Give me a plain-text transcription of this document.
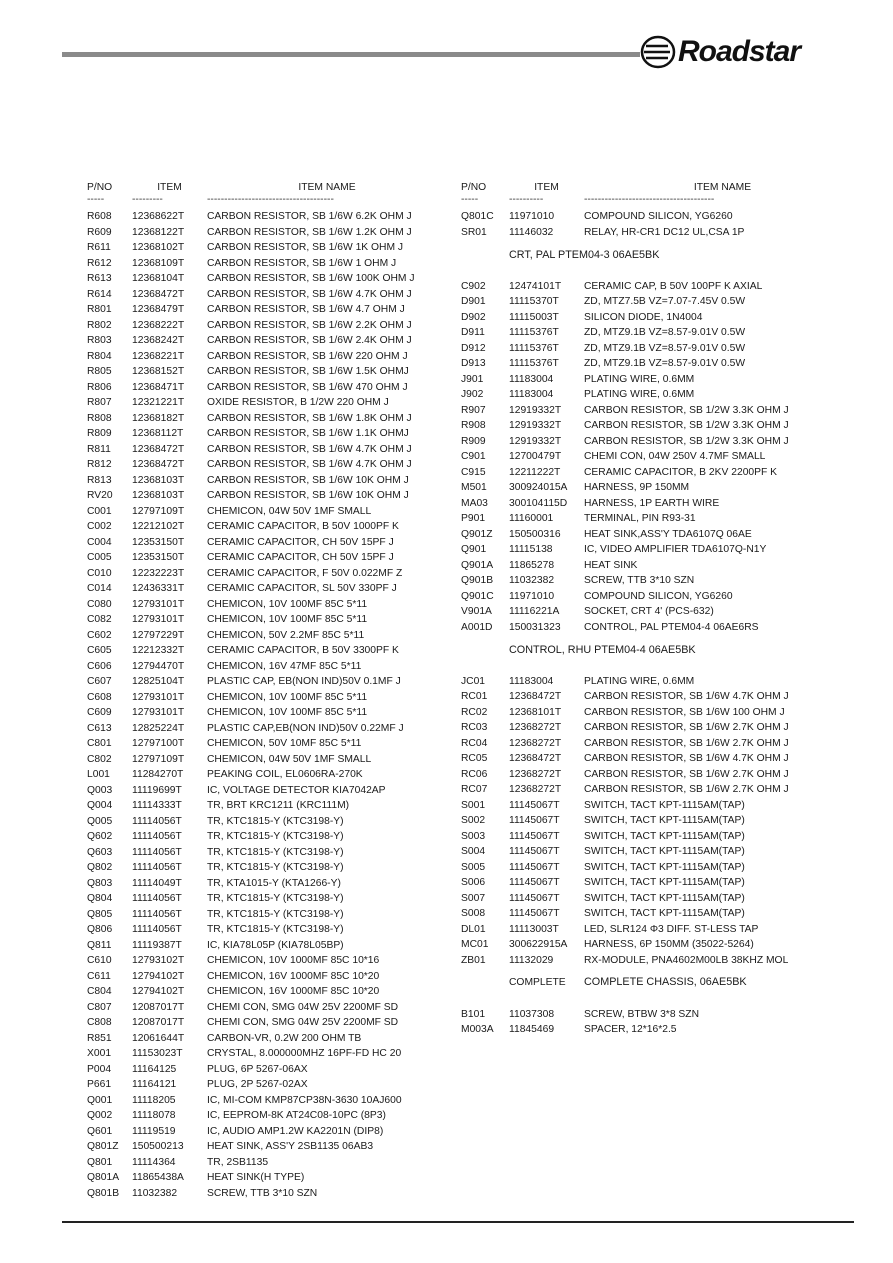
Roadstar
P/NO	ITEM	ITEM NAME
-----	---------	-------------------------------------
R608	12368622T	CARBON RESISTOR, SB 1/6W 6.2K OHM J
R609	12368122T	CARBON RESISTOR, SB 1/6W 1.2K OHM J
R611	12368102T	CARBON RESISTOR, SB 1/6W 1K OHM J
R612	12368109T	CARBON RESISTOR, SB 1/6W 1 OHM J
R613	12368104T	CARBON RESISTOR, SB 1/6W 100K OHM J
R614	12368472T	CARBON RESISTOR, SB 1/6W 4.7K OHM J
R801	12368479T	CARBON RESISTOR, SB 1/6W 4.7 OHM J
R802	12368222T	CARBON RESISTOR, SB 1/6W 2.2K OHM J
R803	12368242T	CARBON RESISTOR, SB 1/6W 2.4K OHM J
R804	12368221T	CARBON RESISTOR, SB 1/6W 220 OHM J
R805	12368152T	CARBON RESISTOR, SB 1/6W 1.5K OHMJ
R806	12368471T	CARBON RESISTOR, SB 1/6W 470 OHM J
R807	12321221T	OXIDE RESISTOR, B 1/2W 220 OHM J
R808	12368182T	CARBON RESISTOR, SB 1/6W 1.8K OHM J
R809	12368112T	CARBON RESISTOR, SB 1/6W 1.1K OHMJ
R811	12368472T	CARBON RESISTOR, SB 1/6W 4.7K OHM J
R812	12368472T	CARBON RESISTOR, SB 1/6W 4.7K OHM J
R813	12368103T	CARBON RESISTOR, SB 1/6W 10K OHM J
RV20	12368103T	CARBON RESISTOR, SB 1/6W 10K OHM J
C001	12797109T	CHEMICON, 04W 50V 1MF SMALL
C002	12212102T	CERAMIC CAPACITOR, B 50V 1000PF K
C004	12353150T	CERAMIC CAPACITOR, CH 50V 15PF J
C005	12353150T	CERAMIC CAPACITOR, CH 50V 15PF J
C010	12232223T	CERAMIC CAPACITOR, F 50V 0.022MF Z
C014	12436331T	CERAMIC CAPACITOR, SL 50V 330PF J
C080	12793101T	CHEMICON, 10V 100MF 85C 5*11
C082	12793101T	CHEMICON, 10V 100MF 85C 5*11
C602	12797229T	CHEMICON, 50V 2.2MF 85C 5*11
C605	12212332T	CERAMIC CAPACITOR, B 50V 3300PF K
C606	12794470T	CHEMICON, 16V 47MF 85C 5*11
C607	12825104T	PLASTIC CAP, EB(NON IND)50V 0.1MF J
C608	12793101T	CHEMICON, 10V 100MF 85C 5*11
C609	12793101T	CHEMICON, 10V 100MF 85C 5*11
C613	12825224T	PLASTIC CAP,EB(NON IND)50V 0.22MF J
C801	12797100T	CHEMICON, 50V 10MF 85C 5*11
C802	12797109T	CHEMICON, 04W 50V 1MF SMALL
L001	11284270T	PEAKING COIL, EL0606RA-270K
Q003	11119699T	IC, VOLTAGE DETECTOR KIA7042AP
Q004	11114333T	TR, BRT KRC1211 (KRC111M)
Q005	11114056T	TR, KTC1815-Y (KTC3198-Y)
Q602	11114056T	TR, KTC1815-Y (KTC3198-Y)
Q603	11114056T	TR, KTC1815-Y (KTC3198-Y)
Q802	11114056T	TR, KTC1815-Y (KTC3198-Y)
Q803	11114049T	TR, KTA1015-Y (KTA1266-Y)
Q804	11114056T	TR, KTC1815-Y (KTC3198-Y)
Q805	11114056T	TR, KTC1815-Y (KTC3198-Y)
Q806	11114056T	TR, KTC1815-Y (KTC3198-Y)
Q811	11119387T	IC, KIA78L05P (KIA78L05BP)
C610	12793102T	CHEMICON, 10V 1000MF 85C 10*16
C611	12794102T	CHEMICON, 16V 1000MF 85C 10*20
C804	12794102T	CHEMICON, 16V 1000MF 85C 10*20
C807	12087017T	CHEMI CON, SMG 04W 25V 2200MF SD
C808	12087017T	CHEMI CON, SMG 04W 25V 2200MF SD
R851	12061644T	CARBON-VR, 0.2W 200 OHM TB
X001	11153023T	CRYSTAL, 8.000000MHZ 16PF-FD HC 20
P004	11164125	PLUG, 6P 5267-06AX
P661	11164121	PLUG, 2P 5267-02AX
Q001	11118205	IC, MI-COM KMP87CP38N-3630 10AJ600
Q002	11118078	IC, EEPROM-8K AT24C08-10PC (8P3)
Q601	11119519	IC, AUDIO AMP1.2W KA2201N (DIP8)
Q801Z	150500213	HEAT SINK, ASS'Y 2SB1135 06AB3
Q801	11114364	TR, 2SB1135
Q801A	11865438A	HEAT SINK(H TYPE)
Q801B	11032382	SCREW, TTB 3*10 SZN
P/NO	ITEM	ITEM NAME
-----	----------	--------------------------------------
Q801C	11971010	COMPOUND SILICON, YG6260
SR01	11146032	RELAY, HR-CR1 DC12 UL,CSA 1P
CRT, PAL PTEM04-3 06AE5BK
C902	12474101T	CERAMIC CAP, B 50V 100PF K AXIAL
D901	11115370T	ZD, MTZ7.5B VZ=7.07-7.45V 0.5W
D902	11115003T	SILICON DIODE, 1N4004
D911	11115376T	ZD, MTZ9.1B VZ=8.57-9.01V 0.5W
D912	11115376T	ZD, MTZ9.1B VZ=8.57-9.01V 0.5W
D913	11115376T	ZD, MTZ9.1B VZ=8.57-9.01V 0.5W
J901	11183004	PLATING WIRE, 0.6MM
J902	11183004	PLATING WIRE, 0.6MM
R907	12919332T	CARBON RESISTOR, SB 1/2W 3.3K OHM J
R908	12919332T	CARBON RESISTOR, SB 1/2W 3.3K OHM J
R909	12919332T	CARBON RESISTOR, SB 1/2W 3.3K OHM J
C901	12700479T	CHEMI CON, 04W 250V 4.7MF SMALL
C915	12211222T	CERAMIC CAPACITOR, B 2KV 2200PF K
M501	300924015A	HARNESS, 9P 150MM
MA03	300104115D	HARNESS, 1P EARTH WIRE
P901	11160001	TERMINAL, PIN R93-31
Q901Z	150500316	HEAT SINK,ASS'Y TDA6107Q 06AE
Q901	11115138	IC, VIDEO AMPLIFIER TDA6107Q-N1Y
Q901A	11865278	HEAT SINK
Q901B	11032382	SCREW, TTB 3*10 SZN
Q901C	11971010	COMPOUND SILICON, YG6260
V901A	11116221A	SOCKET, CRT 4' (PCS-632)
A001D	150031323	CONTROL, PAL PTEM04-4 06AE6RS
CONTROL, RHU PTEM04-4 06AE5BK
JC01	11183004	PLATING WIRE, 0.6MM
RC01	12368472T	CARBON RESISTOR, SB 1/6W 4.7K OHM J
RC02	12368101T	CARBON RESISTOR, SB 1/6W 100 OHM J
RC03	12368272T	CARBON RESISTOR, SB 1/6W 2.7K OHM J
RC04	12368272T	CARBON RESISTOR, SB 1/6W 2.7K OHM J
RC05	12368472T	CARBON RESISTOR, SB 1/6W 4.7K OHM J
RC06	12368272T	CARBON RESISTOR, SB 1/6W 2.7K OHM J
RC07	12368272T	CARBON RESISTOR, SB 1/6W 2.7K OHM J
S001	11145067T	SWITCH, TACT KPT-1115AM(TAP)
S002	11145067T	SWITCH, TACT KPT-1115AM(TAP)
S003	11145067T	SWITCH, TACT KPT-1115AM(TAP)
S004	11145067T	SWITCH, TACT KPT-1115AM(TAP)
S005	11145067T	SWITCH, TACT KPT-1115AM(TAP)
S006	11145067T	SWITCH, TACT KPT-1115AM(TAP)
S007	11145067T	SWITCH, TACT KPT-1115AM(TAP)
S008	11145067T	SWITCH, TACT KPT-1115AM(TAP)
DL01	11113003T	LED, SLR124 Φ3 DIFF. ST-LESS TAP
MC01	300622915A	HARNESS, 6P 150MM (35022-5264)
ZB01	11132029	RX-MODULE, PNA4602M00LB 38KHZ MOL
COMPLETE	COMPLETE CHASSIS, 06AE5BK
B101	11037308	SCREW, BTBW 3*8 SZN
M003A	11845469	SPACER, 12*16*2.5
